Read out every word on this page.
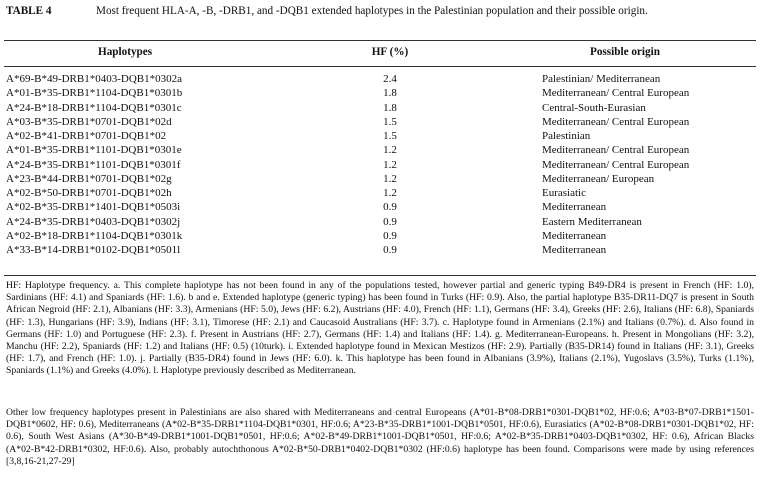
TABLE 4	Most frequent HLA-A, -B, -DRB1, and -DQB1 extended haplotypes in the Palestinian population and their possible origin.
Haplotypes	HF (%)	Possible origin
A*69-B*49-DRB1*0403-DQB1*0302a	2.4	Palestinian/ Mediterranean
A*01-B*35-DRB1*1104-DQB1*0301b	1.8	Mediterranean/ Central European
A*24-B*18-DRB1*1104-DQB1*0301c	1.8	Central-South-Eurasian
A*03-B*35-DRB1*0701-DQB1*02d	1.5	Mediterranean/ Central European
A*02-B*41-DRB1*0701-DQB1*02	1.5	Palestinian
A*01-B*35-DRB1*1101-DQB1*0301e	1.2	Mediterranean/ Central European
A*24-B*35-DRB1*1101-DQB1*0301f	1.2	Mediterranean/ Central European
A*23-B*44-DRB1*0701-DQB1*02g	1.2	Mediterranean/ European
A*02-B*50-DRB1*0701-DQB1*02h	1.2	Eurasiatic
A*02-B*35-DRB1*1401-DQB1*0503i	0.9	Mediterranean
A*24-B*35-DRB1*0403-DQB1*0302j	0.9	Eastern Mediterranean
A*02-B*18-DRB1*1104-DQB1*0301k	0.9	Mediterranean
A*33-B*14-DRB1*0102-DQB1*0501l	0.9	Mediterranean
HF: Haplotype frequency. a. This complete haplotype has not been found in any of the populations tested, however partial and generic typing B49-DR4 is present in French (HF: 1.0), Sardinians (HF: 4.1) and Spaniards (HF: 1.6). b and e. Extended haplotype (generic typing) has been found in Turks (HF: 0.9). Also, the partial haplotype B35-DR11-DQ7 is present in South African Negroid (HF: 2.1), Albanians (HF: 3.3), Armenians (HF: 5.0), Jews (HF: 6.2), Austrians (HF: 4.0), French (HF: 1.1), Germans (HF: 3.4), Greeks (HF: 2.6), Italians (HF: 6.8), Spaniards (HF: 1.3), Hungarians (HF: 3.9), Indians (HF: 3.1), Timorese (HF: 2.1) and Caucasoid Australians (HF: 3.7). c. Haplotype found in Armenians (2.1%) and Italians (0.7%). d. Also found in Germans (HF: 1.0) and Portuguese (HF: 2.3). f. Present in Austrians (HF: 2.7), Germans (HF: 1.4) and Italians (HF: 1.4). g. Mediterranean-Europeans. h. Present in Mongolians (HF: 3.2), Manchu (HF: 2.2), Spaniards (HF: 1.2) and Italians (HF: 0.5) (10turk). i. Extended haplotype found in Mexican Mestizos (HF: 2.9). Partially (B35-DR14) found in Italians (HF: 3.1), Greeks (HF: 1.7), and French (HF: 1.0). j. Partially (B35-DR4) found in Jews (HF: 6.0). k. This haplotype has been found in Albanians (3.9%), Italians (2.1%), Yugoslavs (3.5%), Turks (1.1%), Spaniards (1.1%) and Greeks (4.0%). l. Haplotype previously described as Mediterranean.
Other low frequency haplotypes present in Palestinians are also shared with Mediterraneans and central Europeans (A*01-B*08-DRB1*0301-DQB1*02, HF:0.6; A*03-B*07-DRB1*1501-DQB1*0602, HF: 0.6), Mediterraneans (A*02-B*35-DRB1*1104-DQB1*0301, HF:0.6; A*23-B*35-DRB1*1001-DQB1*0501, HF:0.6), Eurasiatics (A*02-B*08-DRB1*0301-DQB1*02, HF: 0.6), South West Asians (A*30-B*49-DRB1*1001-DQB1*0501, HF:0.6; A*02-B*49-DRB1*1001-DQB1*0501, HF:0.6; A*02-B*35-DRB1*0403-DQB1*0302, HF: 0.6), African Blacks (A*02-B*42-DRB1*0302, HF:0.6). Also, probably autochthonous A*02-B*50-DRB1*0402-DQB1*0302 (HF:0.6) haplotype has been found. Comparisons were made by using references [3,8,16-21,27-29]
